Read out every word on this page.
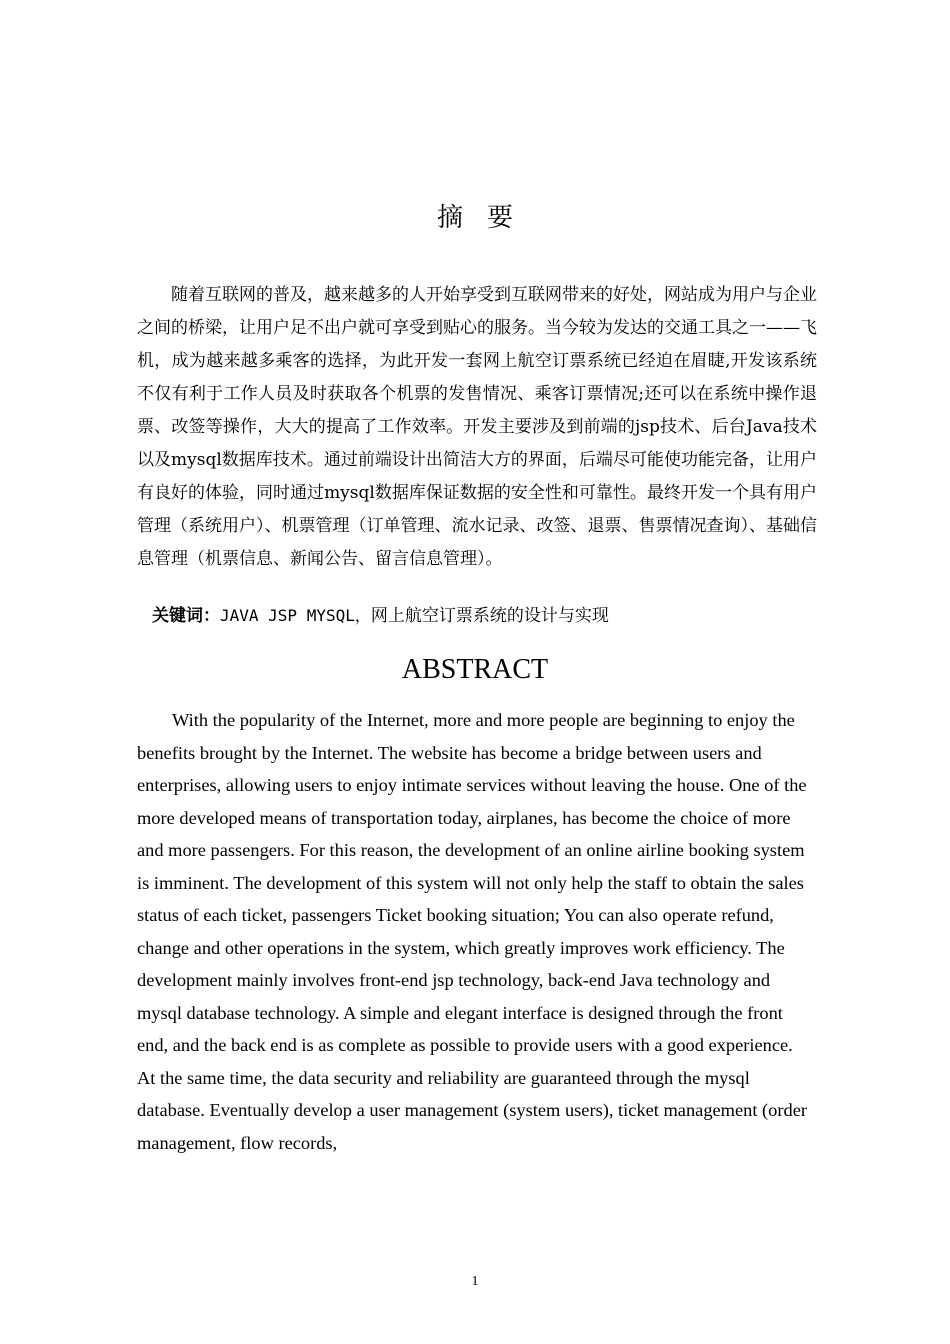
摘要

随着互联网的普及，越来越多的人开始享受到互联网带来的好处，网站成为用户与企业之间的桥梁，让用户足不出户就可享受到贴心的服务。当今较为发达的交通工具之一——飞机，成为越来越多乘客的选择，为此开发一套网上航空订票系统已经迫在眉睫,开发该系统不仅有利于工作人员及时获取各个机票的发售情况、乘客订票情况;还可以在系统中操作退票、改签等操作，大大的提高了工作效率。开发主要涉及到前端的jsp技术、后台Java技术以及mysql数据库技术。通过前端设计出简洁大方的界面，后端尽可能使功能完备，让用户有良好的体验，同时通过mysql数据库保证数据的安全性和可靠性。最终开发一个具有用户管理（系统用户）、机票管理（订单管理、流水记录、改签、退票、售票情况查询）、基础信息管理（机票信息、新闻公告、留言信息管理）。

关键词：JAVA JSP MYSQL，网上航空订票系统的设计与实现

ABSTRACT

With the popularity of the Internet, more and more people are beginning to enjoy the benefits brought by the Internet. The website has become a bridge between users and enterprises, allowing users to enjoy intimate services without leaving the house. One of the more developed means of transportation today, airplanes, has become the choice of more and more passengers. For this reason, the development of an online airline booking system is imminent. The development of this system will not only help the staff to obtain the sales status of each ticket, passengers Ticket booking situation; You can also operate refund, change and other operations in the system, which greatly improves work efficiency. The development mainly involves front-end jsp technology, back-end Java technology and mysql database technology. A simple and elegant interface is designed through the front end, and the back end is as complete as possible to provide users with a good experience. At the same time, the data security and reliability are guaranteed through the mysql database. Eventually develop a user management (system users), ticket management (order management, flow records,

1
